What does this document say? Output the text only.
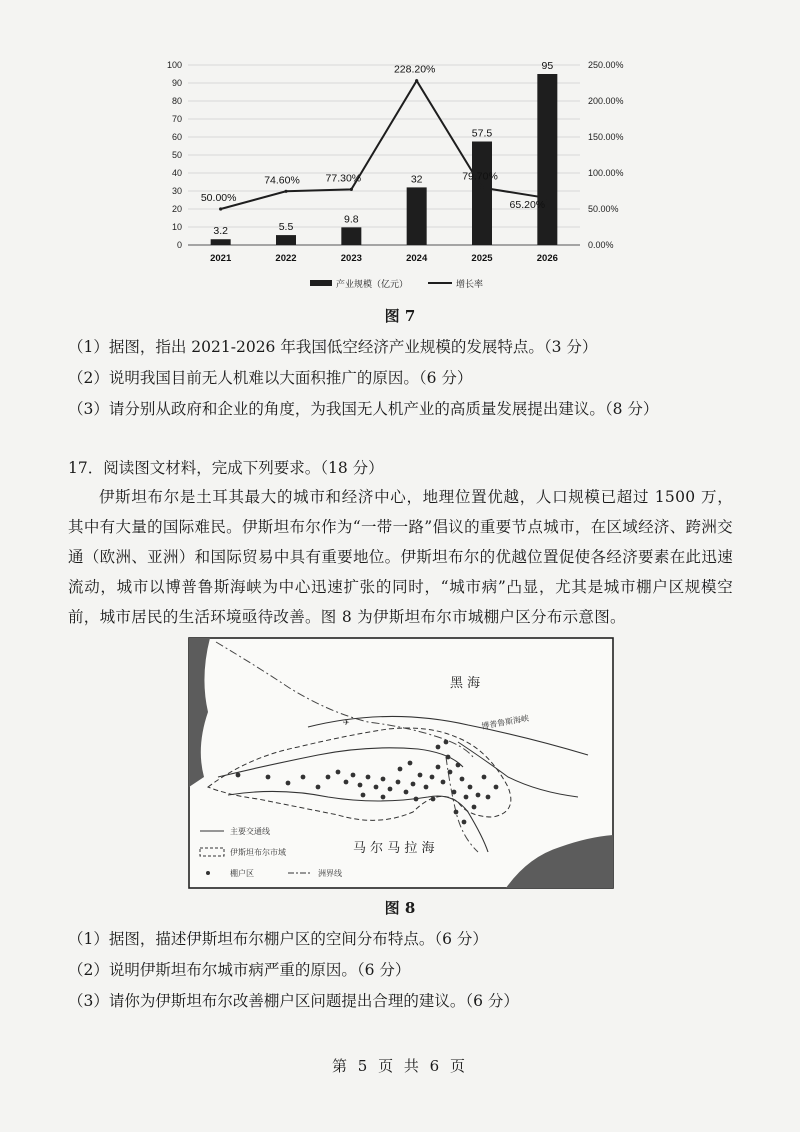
0
10
20
30
40
50
60
70
80
90
100
0.00%
50.00%
100.00%
150.00%
200.00%
250.00%
3.2	5.5
9.8
32
57.5
95
50.00%
74.60% 77.30%
228.20%
79.70%
65.20%
2021	2022	2023	2024	2025	2026
产业规模（亿元）	增长率
图 7
（1）据图，指出 2021-2026 年我国低空经济产业规模的发展特点。（3 分）
（2）说明我国目前无人机难以大面积推广的原因。（6 分）
（3）请分别从政府和企业的角度，为我国无人机产业的高质量发展提出建议。（8 分）
17．阅读图文材料，完成下列要求。（18 分）
伊斯坦布尔是土耳其最大的城市和经济中心，地理位置优越，人口规模已超过 1500 万，其中有大量的国际难民。伊斯坦布尔作为“一带一路”倡议的重要节点城市，在区域经济、跨洲交通（欧洲、亚洲）和国际贸易中具有重要地位。伊斯坦布尔的优越位置促使各经济要素在此迅速流动，城市以博普鲁斯海峡为中心迅速扩张的同时，“城市病”凸显，尤其是城市棚户区规模空前，城市居民的生活环境亟待改善。图 8 为伊斯坦布尔市城棚户区分布示意图。
✈
黑 海
博普鲁斯海峡
马 尔 马 拉 海
主要交通线
伊斯坦布尔市域
棚户区	洲界线
图 8
（1）据图，描述伊斯坦布尔棚户区的空间分布特点。（6 分）
（2）说明伊斯坦布尔城市病严重的原因。（6 分）
（3）请你为伊斯坦布尔改善棚户区问题提出合理的建议。（6 分）
第 5 页 共 6 页
